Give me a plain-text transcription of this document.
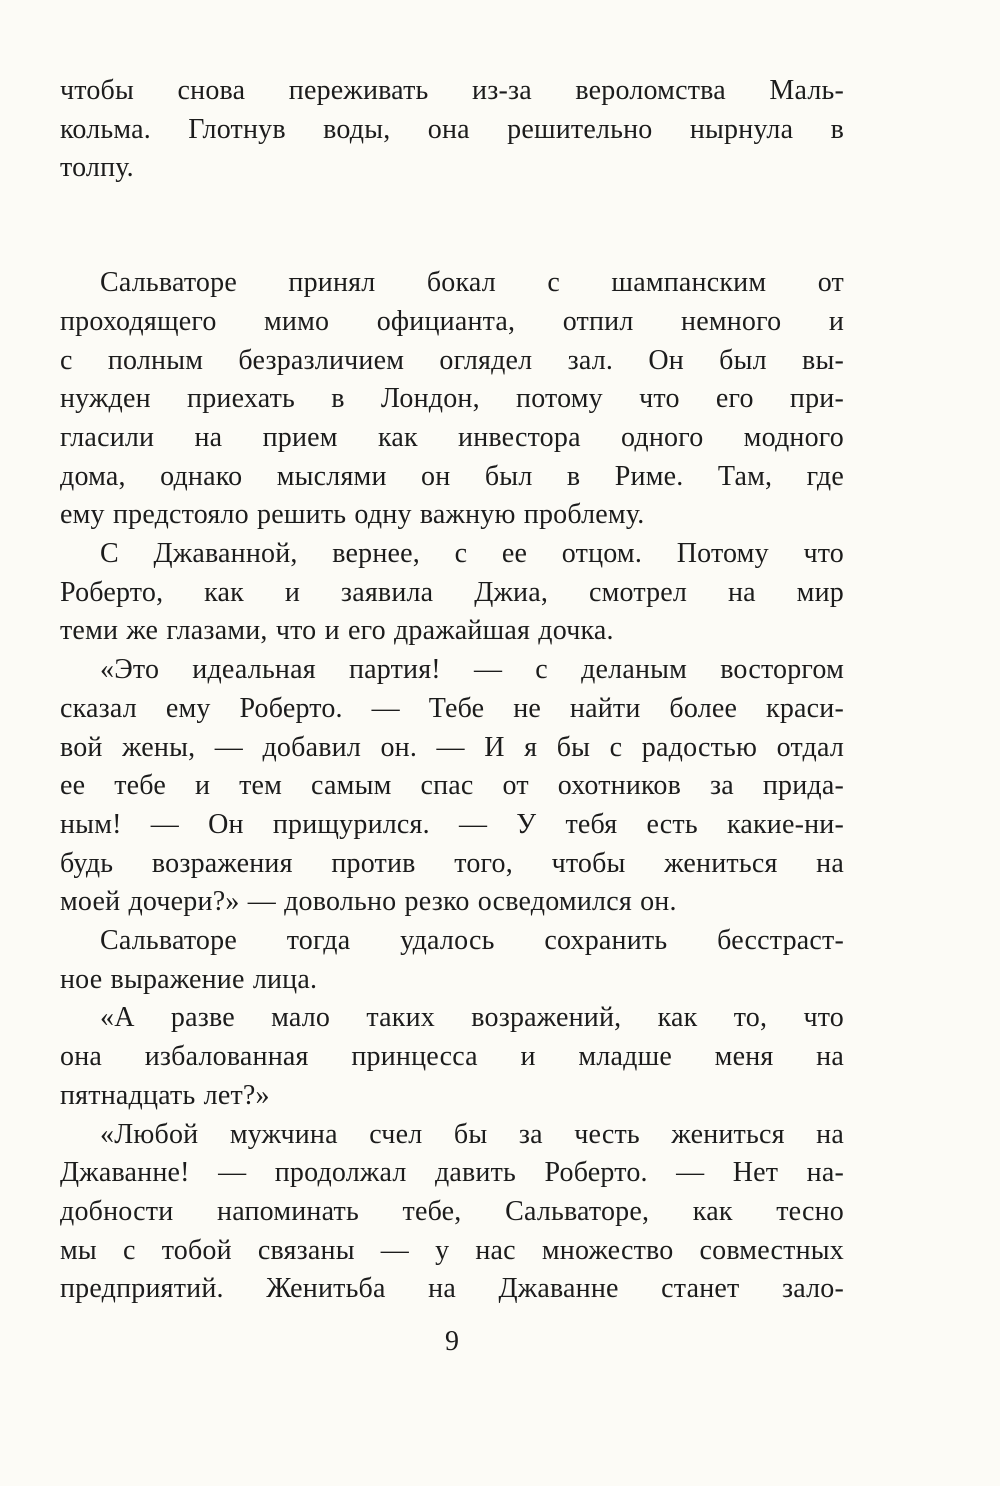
чтобы снова переживать из-за вероломства Маль-
кольма. Глотнув воды, она решительно нырнула в
толпу.
Сальваторе принял бокал с шампанским от
проходящего мимо официанта, отпил немного и
с полным безразличием оглядел зал. Он был вы-
нужден приехать в Лондон, потому что его при-
гласили на прием как инвестора одного модного
дома, однако мыслями он был в Риме. Там, где
ему предстояло решить одну важную проблему.
С Джаванной, вернее, с ее отцом. Потому что
Роберто, как и заявила Джиа, смотрел на мир
теми же глазами, что и его дражайшая дочка.
«Это идеальная партия! — с деланым восторгом
сказал ему Роберто. — Тебе не найти более краси-
вой жены, — добавил он. — И я бы с радостью отдал
ее тебе и тем самым спас от охотников за прида-
ным! — Он прищурился. — У тебя есть какие-ни-
будь возражения против того, чтобы жениться на
моей дочери?» — довольно резко осведомился он.
Сальваторе тогда удалось сохранить бесстраст-
ное выражение лица.
«А разве мало таких возражений, как то, что
она избалованная принцесса и младше меня на
пятнадцать лет?»
«Любой мужчина счел бы за честь жениться на
Джаванне! — продолжал давить Роберто. — Нет на-
добности напоминать тебе, Сальваторе, как тесно
мы с тобой связаны — у нас множество совместных
предприятий. Женитьба на Джаванне станет зало-
9
